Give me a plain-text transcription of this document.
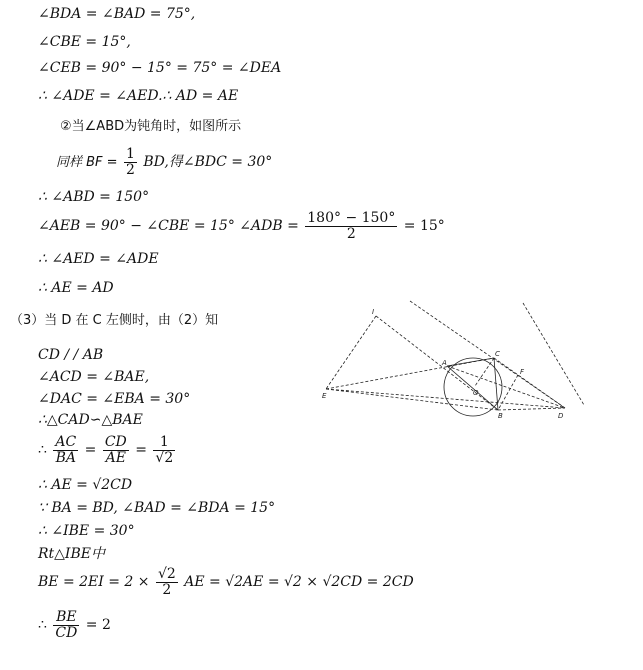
∠BDA = ∠BAD = 75°,
∠CBE = 15°,
∠CEB = 90° − 15° = 75° = ∠DEA
∴ ∠ADE = ∠AED.∴ AD = AE
②当∠ABD为钝角时，如图所示
同样 BF = $\frac{1}{2}$ BD,得∠BDC = 30°
∴ ∠ABD = 150°
∠AEB = 90° − ∠CBE = 15° ∠ADB = $\frac{180^\circ - 150^\circ}{2} = 15^\circ$
∴ ∠AED = ∠ADE
∴ AE = AD
（3）当 D 在 C 左侧时，由（2）知
CD / / AB
∠ACD = ∠BAE,
∠DAC = ∠EBA = 30°
∴△CAD∽△BAE
∴ $\frac{AC}{BA} = \frac{CD}{AE} = \frac{1}{√2}$
∴ AE = √2CD
∵ BA = BD, ∠BAD = ∠BDA = 15°
∴ ∠IBE = 30°
Rt△IBE中
BE = $2EI = 2 \times \frac{√2}{2}$ AE = √2AE = √2 × √2CD = 2CD
∴ $\frac{BE}{CD} = 2$
I
A
C
F
E	O
B	D
